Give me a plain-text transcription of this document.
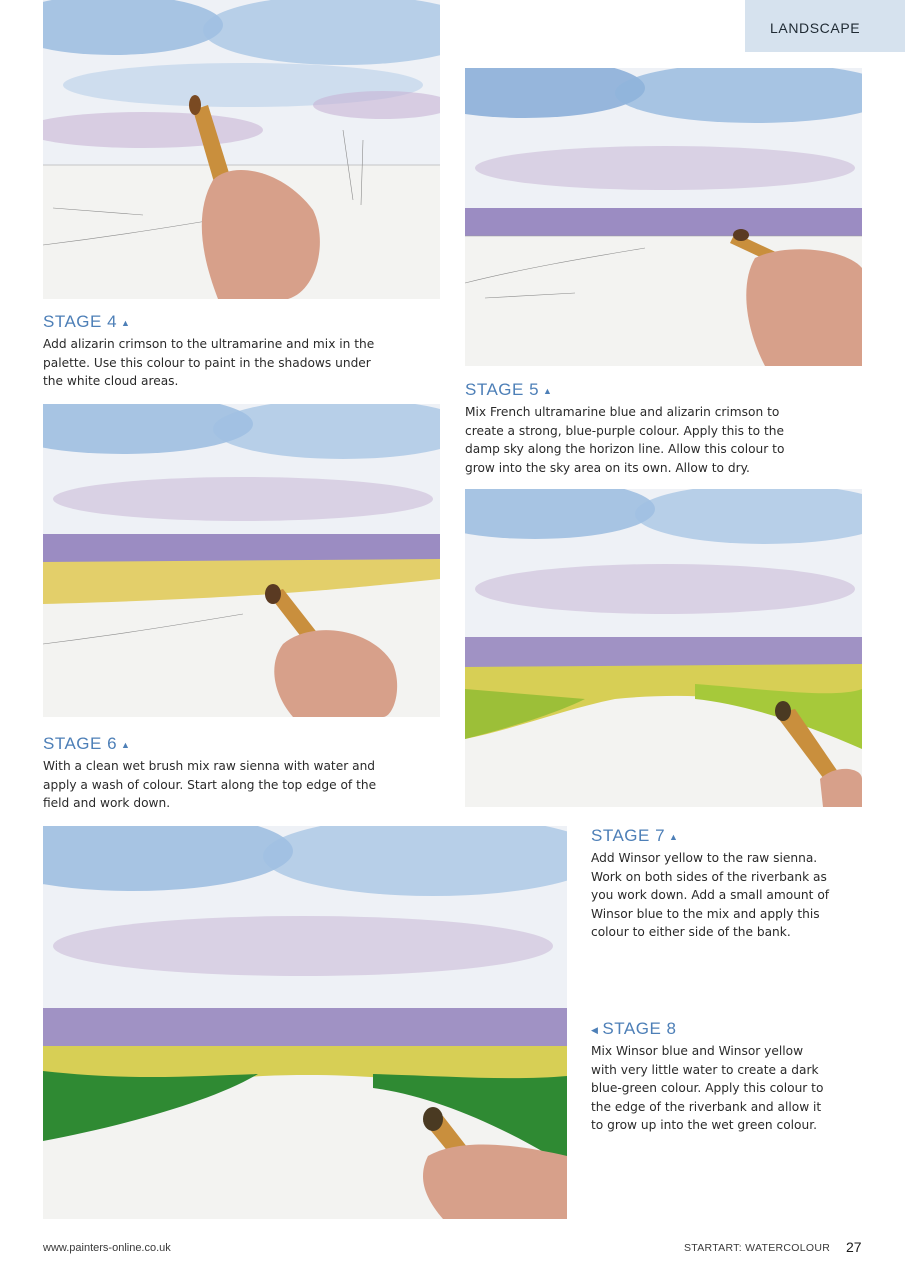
LANDSCAPE
STAGE 4 ▲

Add alizarin crimson to the ultramarine and mix in the palette. Use this colour to paint in the shadows under the white cloud areas.	STAGE 5 ▲

Mix French ultramarine blue and alizarin crimson to create a strong, blue-purple colour. Apply this to the damp sky along the horizon line. Allow this colour to grow into the sky area on its own. Allow to dry.

STAGE 6 ▲

With a clean wet brush mix raw sienna with water and apply a wash of colour. Start along the top edge of the field and work down.

STAGE 7 ▲

Add Winsor yellow to the raw sienna. Work on both sides of the riverbank as you work down. Add a small amount of Winsor blue to the mix and apply this colour to either side of the bank.

◀ STAGE 8

Mix Winsor blue and Winsor yellow with very little water to create a dark blue-green colour. Apply this colour to the edge of the riverbank and allow it to grow up into the wet green colour.

www.painters-online.co.uk	STARTART: WATERCOLOUR 27
